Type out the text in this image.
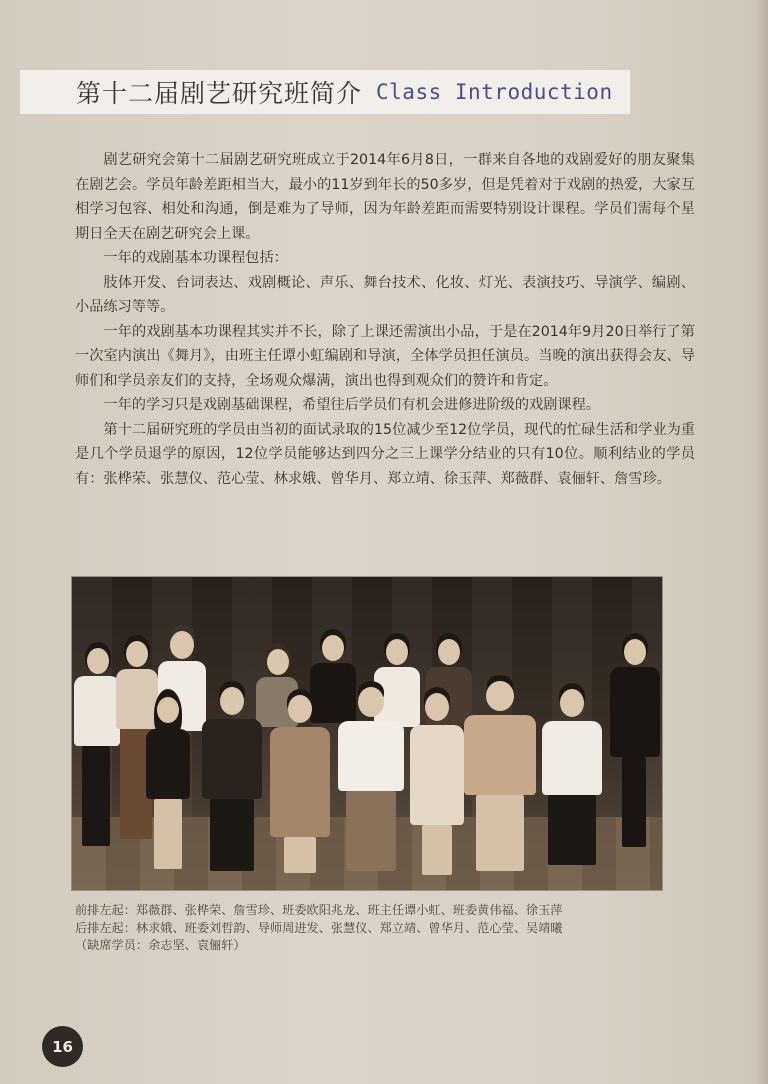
第十二届剧艺研究班简介 Class Introduction

剧艺研究会第十二届剧艺研究班成立于2014年6月8日，一群来自各地的戏剧爱好的朋友聚集在剧艺会。学员年龄差距相当大，最小的11岁到年长的50多岁，但是凭着对于戏剧的热爱，大家互相学习包容、相处和沟通，倒是难为了导师，因为年龄差距而需要特别设计课程。学员们需每个星期日全天在剧艺研究会上课。

一年的戏剧基本功课程包括：

肢体开发、台词表达、戏剧概论、声乐、舞台技术、化妆、灯光、表演技巧、导演学、编剧、小品练习等等。

一年的戏剧基本功课程其实并不长，除了上课还需演出小品，于是在2014年9月20日举行了第一次室内演出《舞月》，由班主任谭小虹编剧和导演，全体学员担任演员。当晚的演出获得会友、导师们和学员亲友们的支持，全场观众爆满，演出也得到观众们的赞许和肯定。

一年的学习只是戏剧基础课程，希望往后学员们有机会进修进阶级的戏剧课程。

第十二届研究班的学员由当初的面试录取的15位减少至12位学员，现代的忙碌生活和学业为重是几个学员退学的原因，12位学员能够达到四分之三上课学分结业的只有10位。顺利结业的学员有：张桦荣、张慧仪、范心莹、林求娥、曾华月、郑立靖、徐玉萍、郑薇群、袁俪轩、詹雪珍。

前排左起：郑薇群、张桦荣、詹雪珍、班委欧阳兆龙、班主任谭小虹、班委黄伟福、徐玉萍
后排左起：林求娥、班委刘哲韵、导师周进发、张慧仪、郑立靖、曾华月、范心莹、吴靖曦
（缺席学员：余志坚、袁俪轩）
16
